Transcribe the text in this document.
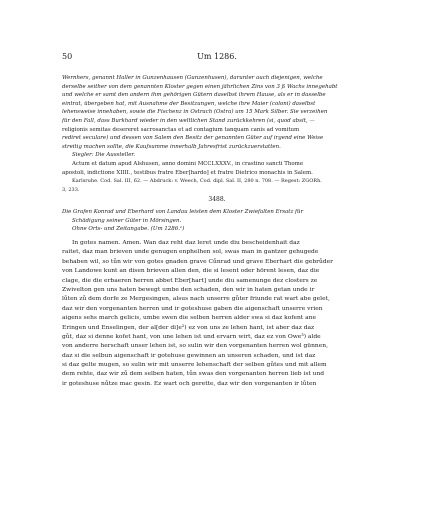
50	Um 1286.
Wernhers, genannt Haller in Gunzenhausen (Gunzenhusen), darunter auch diejenigen, welche
derselbe seither von dem genannten Kloster gegen einen jährlichen Zins von 3 ß Wachs innegehabt
und welche er samt den andern ihm gehörigen Gütern daselbst ihrem Hause, als er in dasselbe
eintrat, übergeben hat, mit Ausnahme der Besitzungen, welche ihre Maier (coloni) daselbst
lehensweise innehaben, sowie die Fischenz in Ostrach (Ostra) um 15 Mark Silber. Sie verzeihen
für den Fall, dass Burkhard wieder in den weltlichen Stand zurückkehren (si, quod absit, —
religionis semitas desereret sacrosanctas et ad contagium tanquam canis ad vomitum
rediret seculare) und dessen von Salem den Besitz der genannten Güter auf irgend eine Weise
streitig machen sollte, die Kaufsumme innerhalb Jahresfrist zurückzuerstatten.
Siegler: Die Aussteller.
Actum et datum apud Alshusen, anno domini MCCLXXXV., in crastino sancti Thome
apostoli, indictione XIIII., testibus fratre Eber[hardo] et fratre Dietrico monachis in Salem.
Karlsruhe. Cod. Sal. III, 62. — Abdruck: v. Weech, Cod. dipl. Sal. II, 280 n. 708. — Regest: ZGORh.
3, 233.
3488.
Die Grafen Konrad und Eberhard von Landau leisten dem Kloster Zwiefalten Ersatz für
Schädigung seiner Güter in Mörsingen.
Ohne Orts- und Zeitangabe. (Um 1286.¹)
In gotes namen. Amen. Wan daz reht daz leret unde diu bescheidenhait daz
raitet, daz man brieven unde genugen enphelhen sol, swas man in gantzer gehugede
behaben wil, so tůn wir von gotes gnaden grave Cůnrad und grave Eberhart die gebrůder
von Landowe kunt an disen brieven allen den, die si lesent oder hörent lesen, daz die
clage, die die erbaeren herren abbet Eber[hart] unde diu samenunge dez closters ze
Zwivelton gen uns haten bewegt umbe den schaden, den wir in haten getan unde ir
lůten zů dem dorfe ze Mergesingen, alsus nach unserre gůter friunde rat wart abe gelet,
daz wir den vorgenanten herren und ir goteshuse gaben die aigenschaft unserre vrien
aigens sehs march gelicis, umbe swen die selben herren alder swa si daz kofent ane
Eringen und Enselingen, der al[der di]e²) ez von uns ze lehen hant, ist aber daz daz
gůt, daz si denne kofet hant, von une lehen ist und ervarn wirt, daz ez von Owe³) alde
von anderre herschaft unser lehen ist, so sulin wir den vorgenanten herren wol günnen,
daz si die selbun aigenschaft ir gotehuse gewinnen an unseren schaden, und ist daz
si daz gelte mugen, so sulin wir mit unserre lehenschaft der selben gůtes und mit allem
dem rehte, daz wir zů dem selben haten, tůn swas den vorgenanten herren lieb ist und
ir goteshuse nůtze mac gesin. Ez wart och gerette, daz wir den vorgenanten ir lůten
